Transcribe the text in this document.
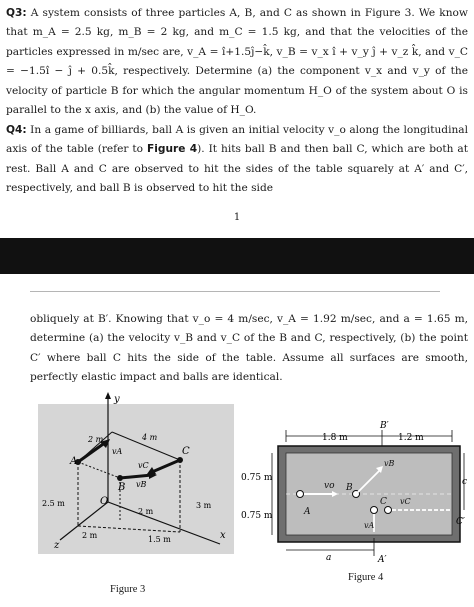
Q3: A system consists of three particles A, B, and C as shown in Figure 3. We know that m_A = 2.5 kg, m_B = 2 kg, and m_C = 1.5 kg, and that the velocities of the particles expressed in m/sec are, v_A = î+1.5ĵ−k̂, v_B = v_x î + v_y ĵ + v_z k̂, and v_C = −1.5î − ĵ + 0.5k̂, respectively. Determine (a) the component v_x and v_y of the velocity of particle B for which the angular momentum H_O of the system about O is parallel to the x axis, and (b) the value of H_O.

Q4: In a game of billiards, ball A is given an initial velocity v_o along the longitudinal axis of the table (refer to Figure 4). It hits ball B and then ball C, which are both at rest. Ball A and C are observed to hit the sides of the table squarely at A′ and C′, respectively, and ball B is observed to hit the side

1

obliquely at B′. Knowing that v_o = 4 m/sec, v_A = 1.92 m/sec, and a = 1.65 m, determine (a) the velocity v_B and v_C of the B and C, respectively, (b) the point C′ where ball C hits the side of the table. Assume all surfaces are smooth, perfectly elastic impact and balls are identical.

y
x
z
O
A
B
C
vA
vB
vC
2 m	4 m
2.5 m
2 m
3 m
1.5 m
2 m
Figure 3
B′
1.8 m	1.2 m
0.75 m
0.75 m
vo B
vB
A
C vC
vA
a	A′
c
C′
Figure 4
